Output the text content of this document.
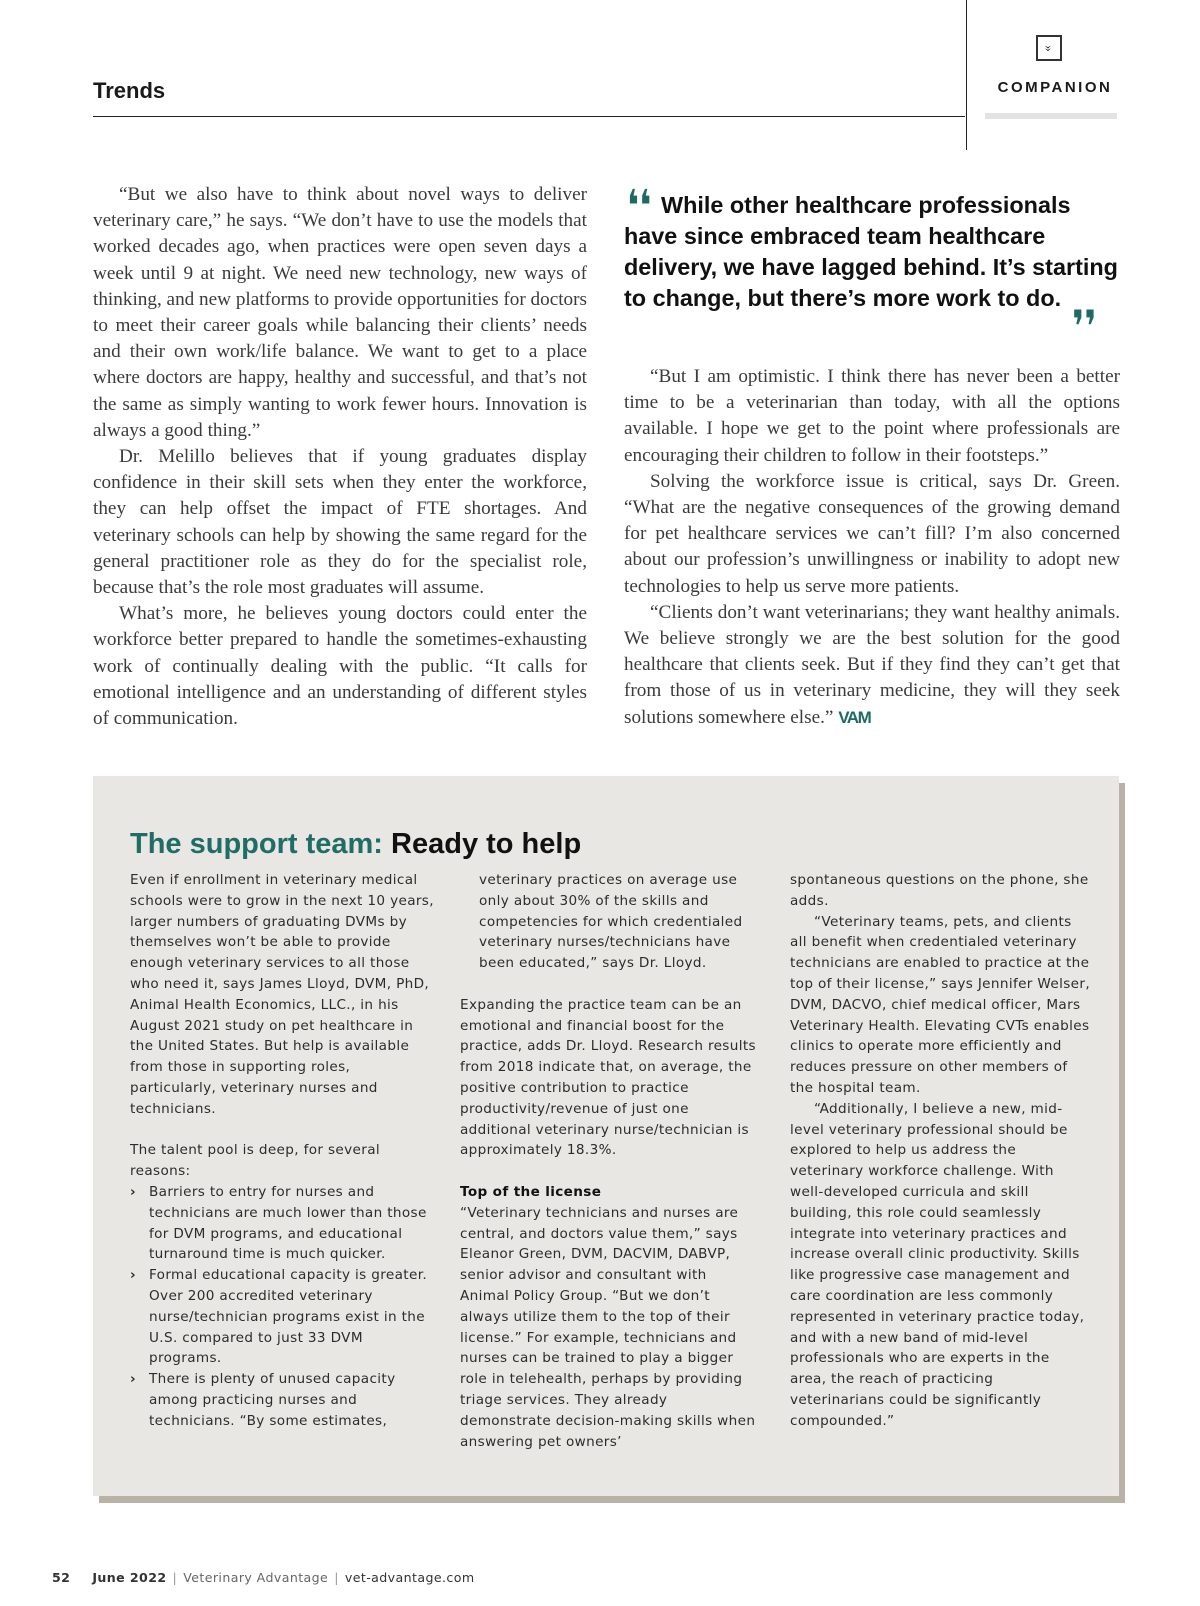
Trends
»
COMPANION

“But we also have to think about novel ways to deliver veterinary care,” he says. “We don’t have to use the models that worked decades ago, when practices were open seven days a week until 9 at night. We need new technology, new ways of thinking, and new platforms to provide opportunities for doctors to meet their career goals while balancing their clients’ needs and their own work/life balance. We want to get to a place where doctors are happy, healthy and successful, and that’s not the same as simply wanting to work fewer hours. Innovation is always a good thing.”

Dr. Melillo believes that if young graduates display confidence in their skill sets when they enter the workforce, they can help offset the impact of FTE shortages. And veterinary schools can help by showing the same regard for the general practitioner role as they do for the specialist role, because that’s the role most graduates will assume.

What’s more, he believes young doctors could enter the workforce better prepared to handle the sometimes-exhausting work of continually dealing with the public. “It calls for emotional intelligence and an understanding of different styles of communication.

❛❛ While other healthcare professionals have since embraced team healthcare delivery, we have lagged behind. It’s starting to change, but there’s more work to do. ❛❛

“But I am optimistic. I think there has never been a better time to be a veterinarian than today, with all the options available. I hope we get to the point where professionals are encouraging their children to follow in their footsteps.”

Solving the workforce issue is critical, says Dr. Green. “What are the negative consequences of the growing demand for pet healthcare services we can’t fill? I’m also concerned about our profession’s unwillingness or inability to adopt new technologies to help us serve more patients.

“Clients don’t want veterinarians; they want healthy animals. We believe strongly we are the best solution for the good healthcare that clients seek. But if they find they can’t get that from those of us in veterinary medicine, they will they seek solutions somewhere else.” VAM

The support team: Ready to help

Even if enrollment in veterinary medical schools were to grow in the next 10 years, larger numbers of graduating DVMs by themselves won’t be able to provide enough veterinary services to all those who need it, says James Lloyd, DVM, PhD, Animal Health Economics, LLC., in his August 2021 study on pet healthcare in the United States. But help is available from those in supporting roles, particularly, veterinary nurses and technicians.

The talent pool is deep, for several reasons:

› Barriers to entry for nurses and technicians are much lower than those for DVM programs, and educational turnaround time is much quicker.
› Formal educational capacity is greater. Over 200 accredited veterinary nurse/technician programs exist in the U.S. compared to just 33 DVM programs.
› There is plenty of unused capacity among practicing nurses and technicians. “By some estimates,

veterinary practices on average use only about 30% of the skills and competencies for which credentialed veterinary nurses/technicians have been educated,” says Dr. Lloyd.

Expanding the practice team can be an emotional and financial boost for the practice, adds Dr. Lloyd. Research results from 2018 indicate that, on average, the positive contribution to practice productivity/revenue of just one additional veterinary nurse/technician is approximately 18.3%.

Top of the license

“Veterinary technicians and nurses are central, and doctors value them,” says Eleanor Green, DVM, DACVIM, DABVP, senior advisor and consultant with Animal Policy Group. “But we don’t always utilize them to the top of their license.” For example, technicians and nurses can be trained to play a bigger role in telehealth, perhaps by providing triage services. They already demonstrate decision-making skills when answering pet owners’

spontaneous questions on the phone, she adds.

“Veterinary teams, pets, and clients all benefit when credentialed veterinary technicians are enabled to practice at the top of their license,” says Jennifer Welser, DVM, DACVO, chief medical officer, Mars Veterinary Health. Elevating CVTs enables clinics to operate more efficiently and reduces pressure on other members of the hospital team.

“Additionally, I believe a new, mid-level veterinary professional should be explored to help us address the veterinary workforce challenge. With well-developed curricula and skill building, this role could seamlessly integrate into veterinary practices and increase overall clinic productivity. Skills like progressive case management and care coordination are less commonly represented in veterinary practice today, and with a new band of mid-level professionals who are experts in the area, the reach of practicing veterinarians could be significantly compounded.”

52 June 2022 | Veterinary Advantage | vet-advantage.com
